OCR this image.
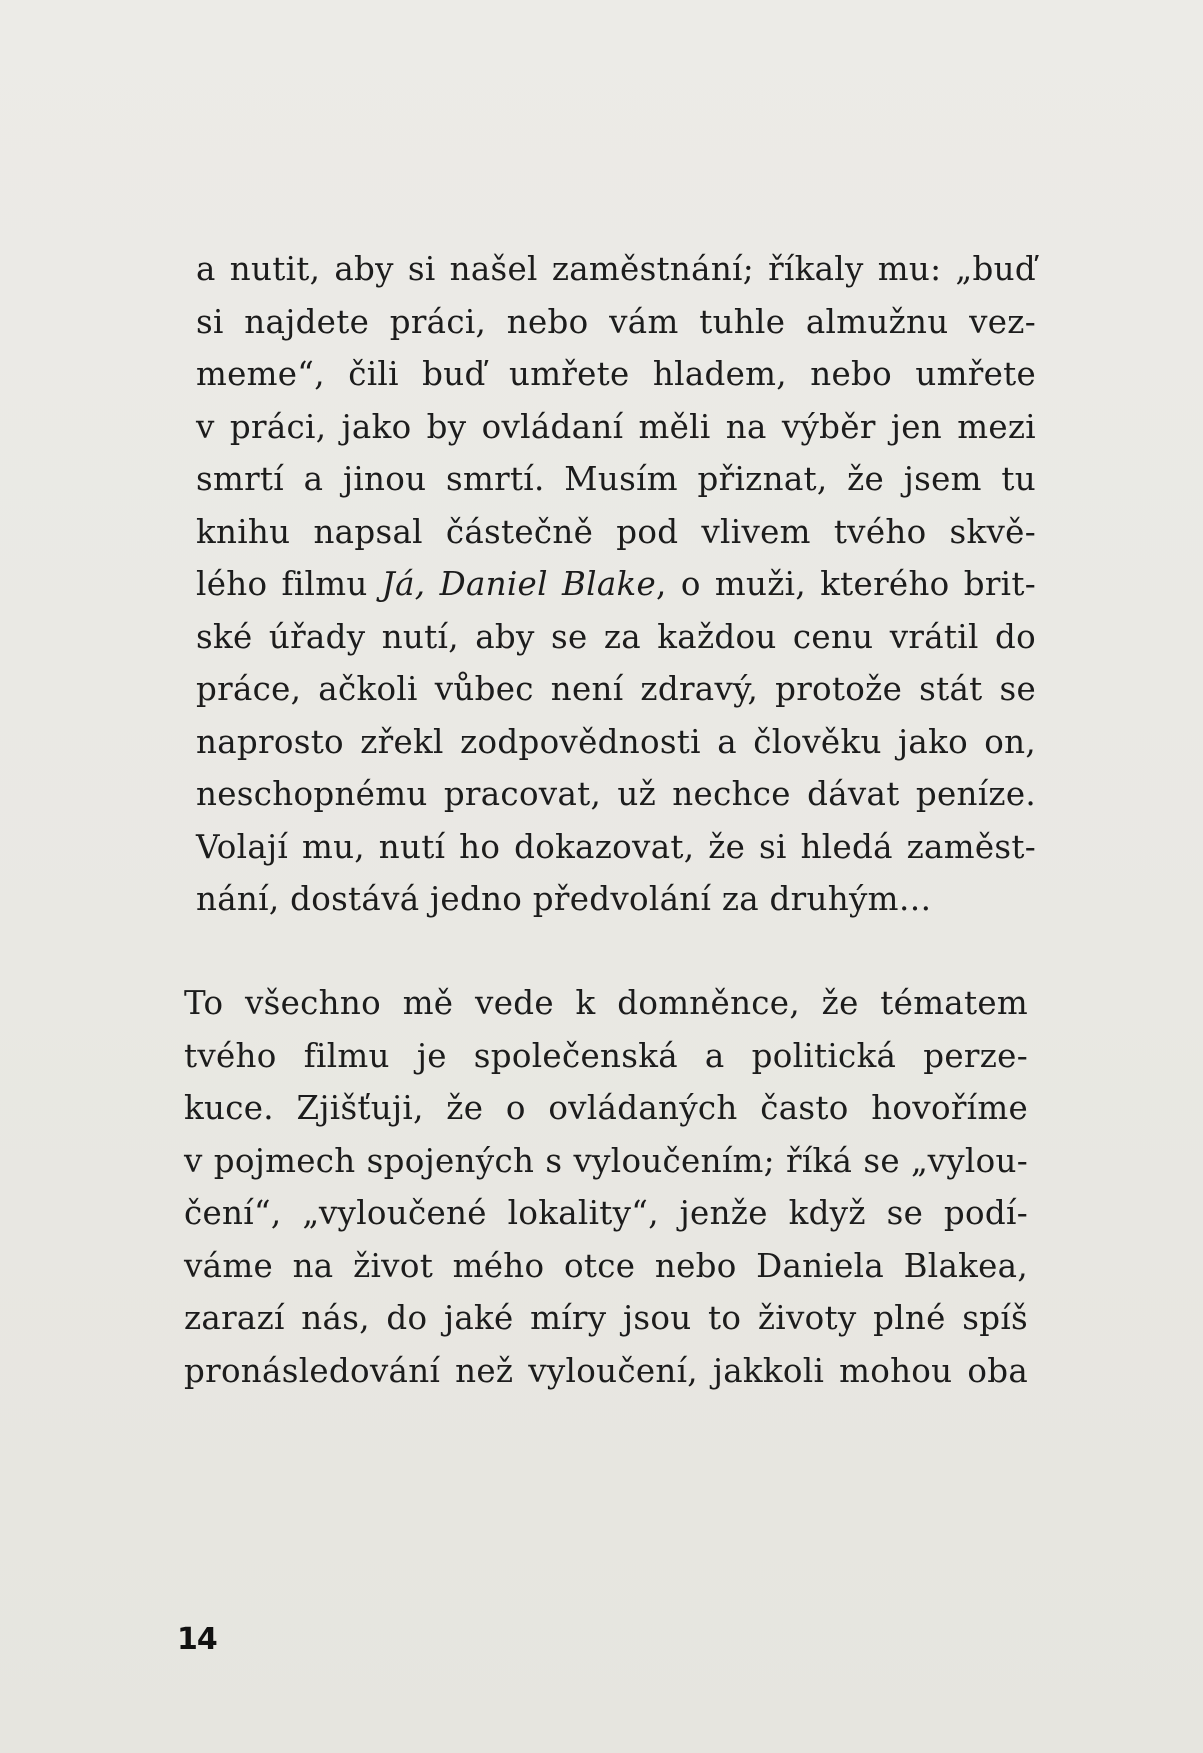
a nutit, aby si našel zaměstnání; říkaly mu: „buď
si najdete práci, nebo vám tuhle almužnu vez-
meme“, čili buď umřete hladem, nebo umřete
v práci, jako by ovládaní měli na výběr jen mezi
smrtí a jinou smrtí. Musím přiznat, že jsem tu
knihu napsal částečně pod vlivem tvého skvě-
lého filmu Já, Daniel Blake, o muži, kterého brit-
ské úřady nutí, aby se za každou cenu vrátil do
práce, ačkoli vůbec není zdravý, protože stát se
naprosto zřekl zodpovědnosti a člověku jako on,
neschopnému pracovat, už nechce dávat peníze.
Volají mu, nutí ho dokazovat, že si hledá zaměst-
nání, dostává jedno předvolání za druhým…
To všechno mě vede k domněnce, že tématem
tvého filmu je společenská a politická perze-
kuce. Zjišťuji, že o ovládaných často hovoříme
v pojmech spojených s vyloučením; říká se „vylou-
čení“, „vyloučené lokality“, jenže když se podí-
váme na život mého otce nebo Daniela Blakea,
zarazí nás, do jaké míry jsou to životy plné spíš
pronásledování než vyloučení, jakkoli mohou oba
14
